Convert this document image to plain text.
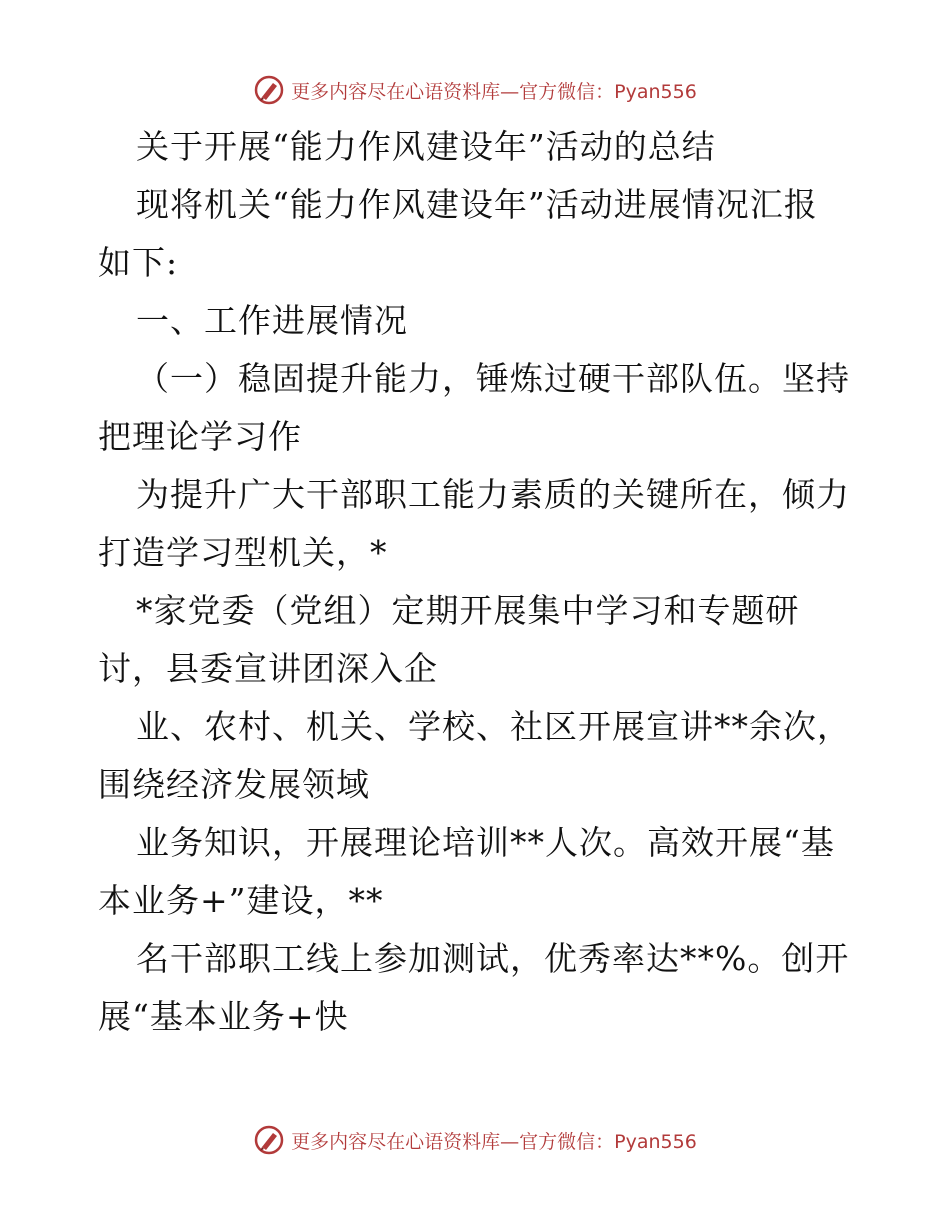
更多内容尽在心语资料库—官方微信：Pyan556
关于开展“能力作风建设年”活动的总结
现将机关“能力作风建设年”活动进展情况汇报
如下:
一、工作进展情况
（一）稳固提升能力，锤炼过硬干部队伍。坚持
把理论学习作
为提升广大干部职工能力素质的关键所在，倾力
打造学习型机关，*
*家党委（党组）定期开展集中学习和专题研
讨，县委宣讲团深入企
业、农村、机关、学校、社区开展宣讲**余次，
围绕经济发展领域
业务知识，开展理论培训**人次。高效开展“基
本业务+”建设，**
名干部职工线上参加测试，优秀率达**%。创开
展“基本业务+快
更多内容尽在心语资料库—官方微信：Pyan556
